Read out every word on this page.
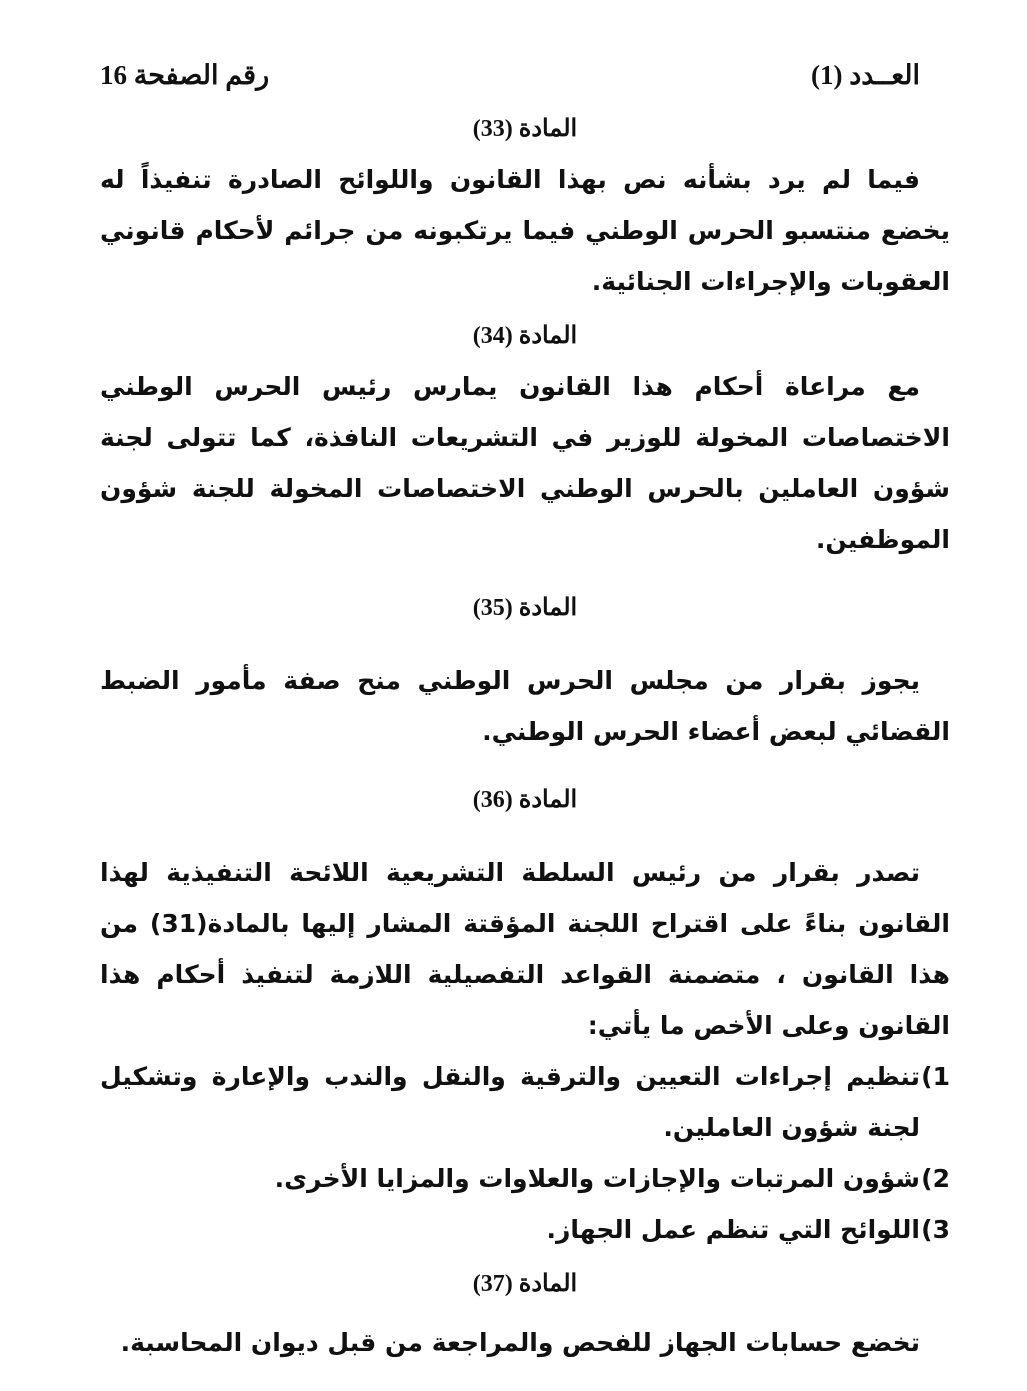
العــدد (1)
رقم الصفحة 16
المادة (33)

فيما لم يرد بشأنه نص بهذا القانون واللوائح الصادرة تنفيذاً له يخضع منتسبو الحرس الوطني فيما يرتكبونه من جرائم لأحكام قانوني العقوبات والإجراءات الجنائية.

المادة (34)

مع مراعاة أحكام هذا القانون يمارس رئيس الحرس الوطني الاختصاصات المخولة للوزير في التشريعات النافذة، كما تتولى لجنة شؤون العاملين بالحرس الوطني الاختصاصات المخولة للجنة شؤون الموظفين.

المادة (35)

يجوز بقرار من مجلس الحرس الوطني منح صفة مأمور الضبط القضائي لبعض أعضاء الحرس الوطني.

المادة (36)

تصدر بقرار من رئيس السلطة التشريعية اللائحة التنفيذية لهذا القانون بناءً على اقتراح اللجنة المؤقتة المشار إليها بالمادة(31) من هذا القانون ، متضمنة القواعد التفصيلية اللازمة لتنفيذ أحكام هذا القانون وعلى الأخص ما يأتي:

1)
تنظيم إجراءات التعيين والترقية والنقل والندب والإعارة وتشكيل لجنة شؤون العاملين.
2)
شؤون المرتبات والإجازات والعلاوات والمزايا الأخرى.
3)
اللوائح التي تنظم عمل الجهاز.
المادة (37)

تخضع حسابات الجهاز للفحص والمراجعة من قبل ديوان المحاسبة.
